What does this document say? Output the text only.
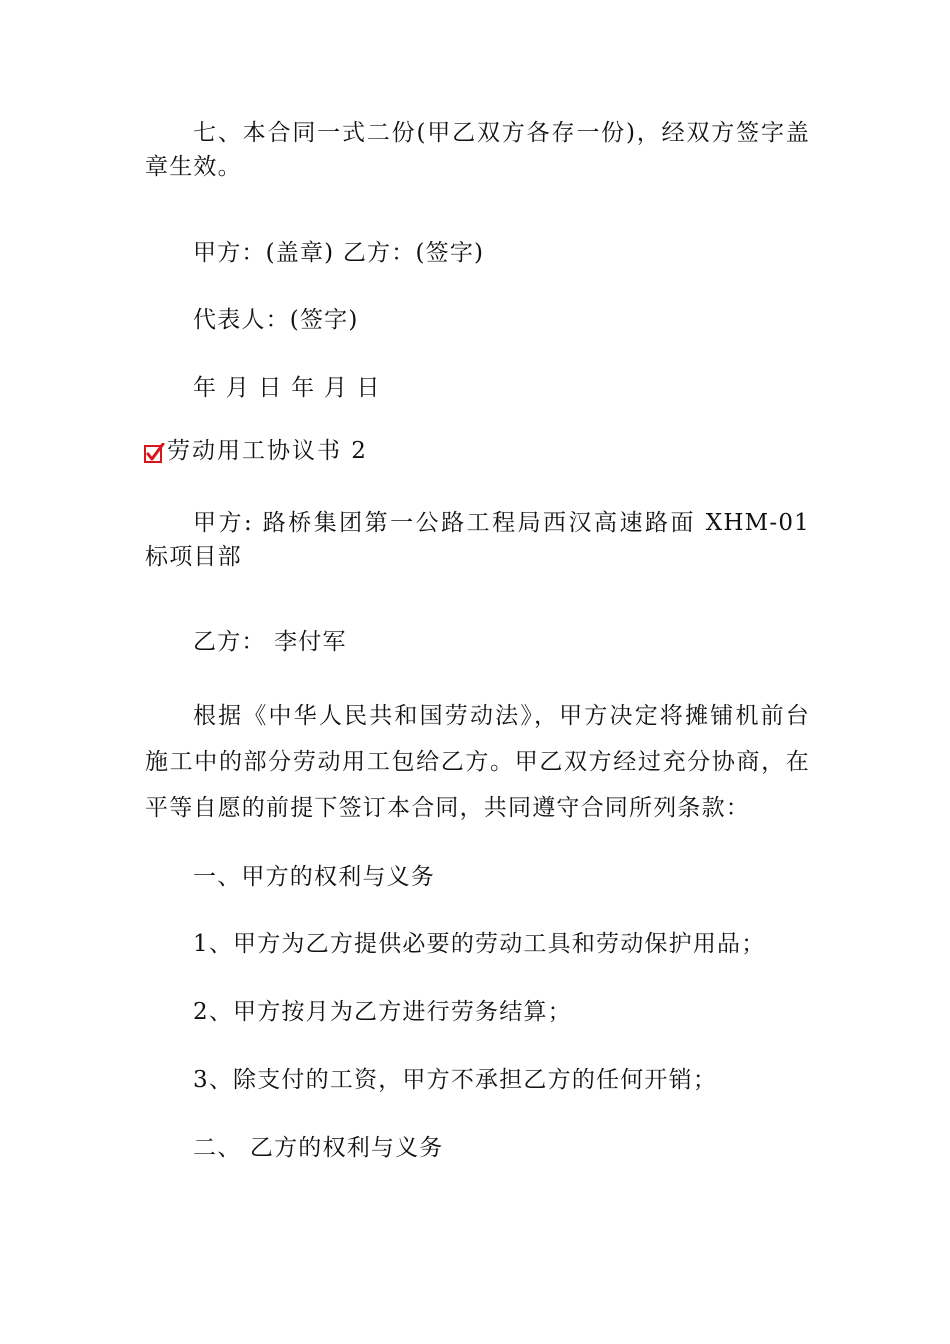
七、本合同一式二份(甲乙双方各存一份)，经双方签字盖章生效。

甲方：(盖章) 乙方：(签字)

代表人：(签字)

年 月 日 年 月 日

劳动用工协议书 2

甲方: 路桥集团第一公路工程局西汉高速路面 XHM-01 标项目部

乙方： 李付军

根据《中华人民共和国劳动法》，甲方决定将摊铺机前台施工中的部分劳动用工包给乙方。甲乙双方经过充分协商，在平等自愿的前提下签订本合同，共同遵守合同所列条款：

一、甲方的权利与义务

1、甲方为乙方提供必要的劳动工具和劳动保护用品；

2、甲方按月为乙方进行劳务结算；

3、除支付的工资，甲方不承担乙方的任何开销；

二、 乙方的权利与义务
